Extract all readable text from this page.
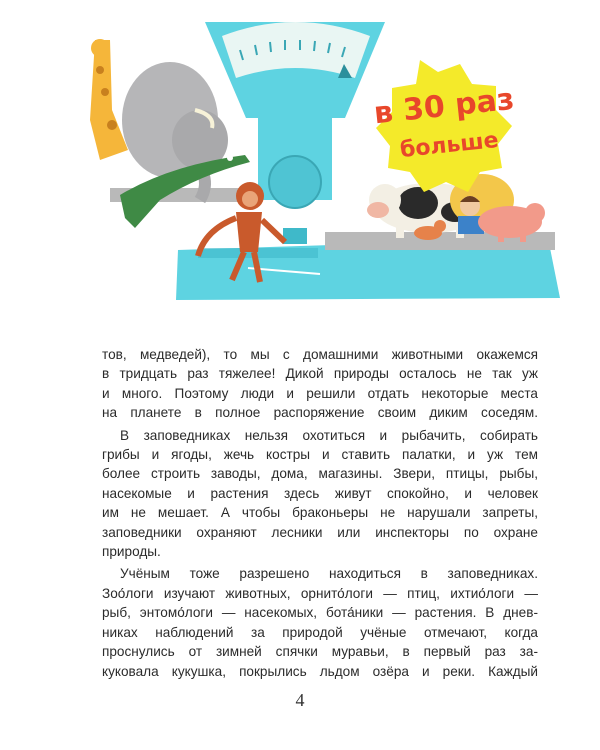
в 30 раз
больше

тов, медведей), то мы с домашними животными окажемся
в тридцать раз тяжелее! Дикой природы осталось не так уж
и много. Поэтому люди и решили отдать некоторые места
на планете в полное распоряжение своим диким соседям.

В заповедниках нельзя охотиться и рыбачить, собирать
грибы и ягоды, жечь костры и ставить палатки, и уж тем
более строить заводы, дома, магазины. Звери, птицы, рыбы,
насекомые и растения здесь живут спокойно, и человек
им не мешает. А чтобы браконьеры не нарушали запреты,
заповедники охраняют лесники или инспекторы по охране
природы.

Учёным тоже разрешено находиться в заповедниках.
Зоо́логи изучают животных, орнито́логи — птиц, ихтио́логи —
рыб, энтомо́логи — насекомых, бота́ники — растения. В днев-
никах наблюдений за природой учёные отмечают, когда
проснулись от зимней спячки муравьи, в первый раз за-
куковала кукушка, покрылись льдом озёра и реки. Каждый

4
